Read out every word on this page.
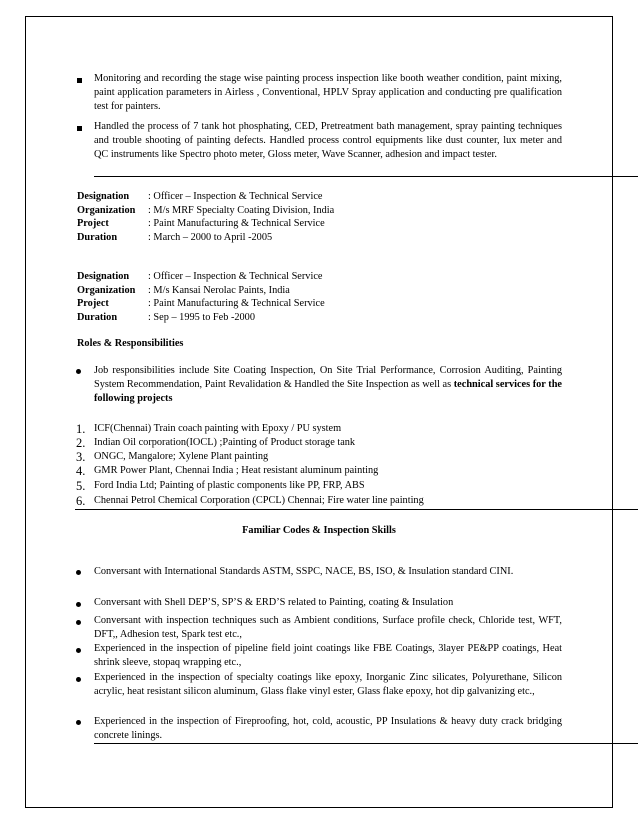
Monitoring and recording the stage wise painting process inspection like booth weather condition, paint mixing, paint application parameters in Airless , Conventional, HPLV Spray application and conducting pre qualification test for painters.

Handled the process of 7 tank hot phosphating, CED, Pretreatment bath management, spray painting techniques and trouble shooting of painting defects. Handled process control equipments like dust counter, lux meter and QC instruments like Spectro photo meter, Gloss meter, Wave Scanner, adhesion and impact tester.

Designation : Officer – Inspection & Technical Service
Organization : M/s MRF Specialty Coating Division, India
Project	: Paint Manufacturing & Technical Service
Duration	: March – 2000 to April -2005
Designation : Officer – Inspection & Technical Service
Organization : M/s Kansai Nerolac Paints, India
Project	: Paint Manufacturing & Technical Service
Duration	: Sep – 1995 to Feb -2000
Roles & Responsibilities

Job responsibilities include Site Coating Inspection, On Site Trial Performance, Corrosion Auditing, Painting System Recommendation, Paint Revalidation & Handled the Site Inspection as well as technical services for the following projects

1. ICF(Chennai) Train coach painting with Epoxy / PU system
2. Indian Oil corporation(IOCL) ;Painting of Product storage tank
3. ONGC, Mangalore; Xylene Plant painting
4. GMR Power Plant, Chennai India ; Heat resistant aluminum painting
5. Ford India Ltd; Painting of plastic components like PP, FRP, ABS
6. Chennai Petrol Chemical Corporation (CPCL) Chennai; Fire water line painting
Familiar Codes & Inspection Skills

Conversant with International Standards ASTM, SSPC, NACE, BS, ISO, & Insulation standard CINI.

Conversant with Shell DEP’S, SP’S & ERD’S related to Painting, coating & Insulation

Conversant with inspection techniques such as Ambient conditions, Surface profile check, Chloride test, WFT, DFT,, Adhesion test, Spark test etc.,

Experienced in the inspection of pipeline field joint coatings like FBE Coatings, 3layer PE&PP coatings, Heat shrink sleeve, stopaq wrapping etc.,

Experienced in the inspection of specialty coatings like epoxy, Inorganic Zinc silicates, Polyurethane, Silicon acrylic, heat resistant silicon aluminum, Glass flake vinyl ester, Glass flake epoxy, hot dip galvanizing etc.,

Experienced in the inspection of Fireproofing, hot, cold, acoustic, PP Insulations & heavy duty crack bridging concrete linings.
